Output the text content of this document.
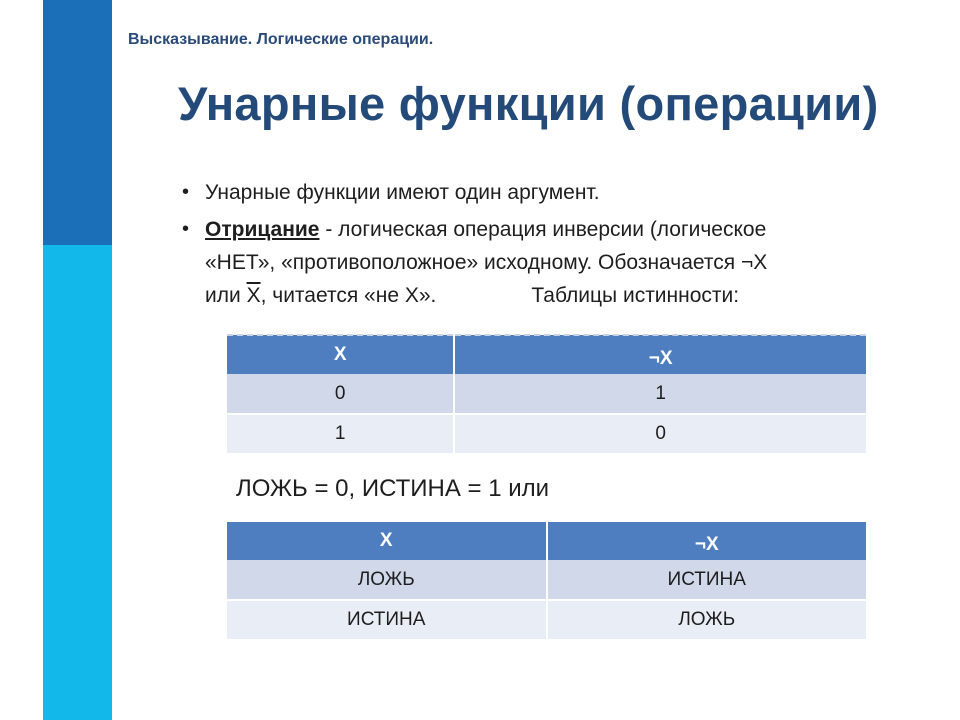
Высказывание. Логические операции.
Унарные функции (операции)
• Унарные функции имеют один аргумент.
• Отрицание - логическая операция инверсии (логическое
«НЕТ», «противоположное» исходному. Обозначается ¬X
или $\overline{X}$, читается «не X».	Таблицы истинности:
X	¬X
0	1
1	0
ЛОЖЬ = 0, ИСТИНА = 1 или
X	¬X
ЛОЖЬ	ИСТИНА
ИСТИНА	ЛОЖЬ
